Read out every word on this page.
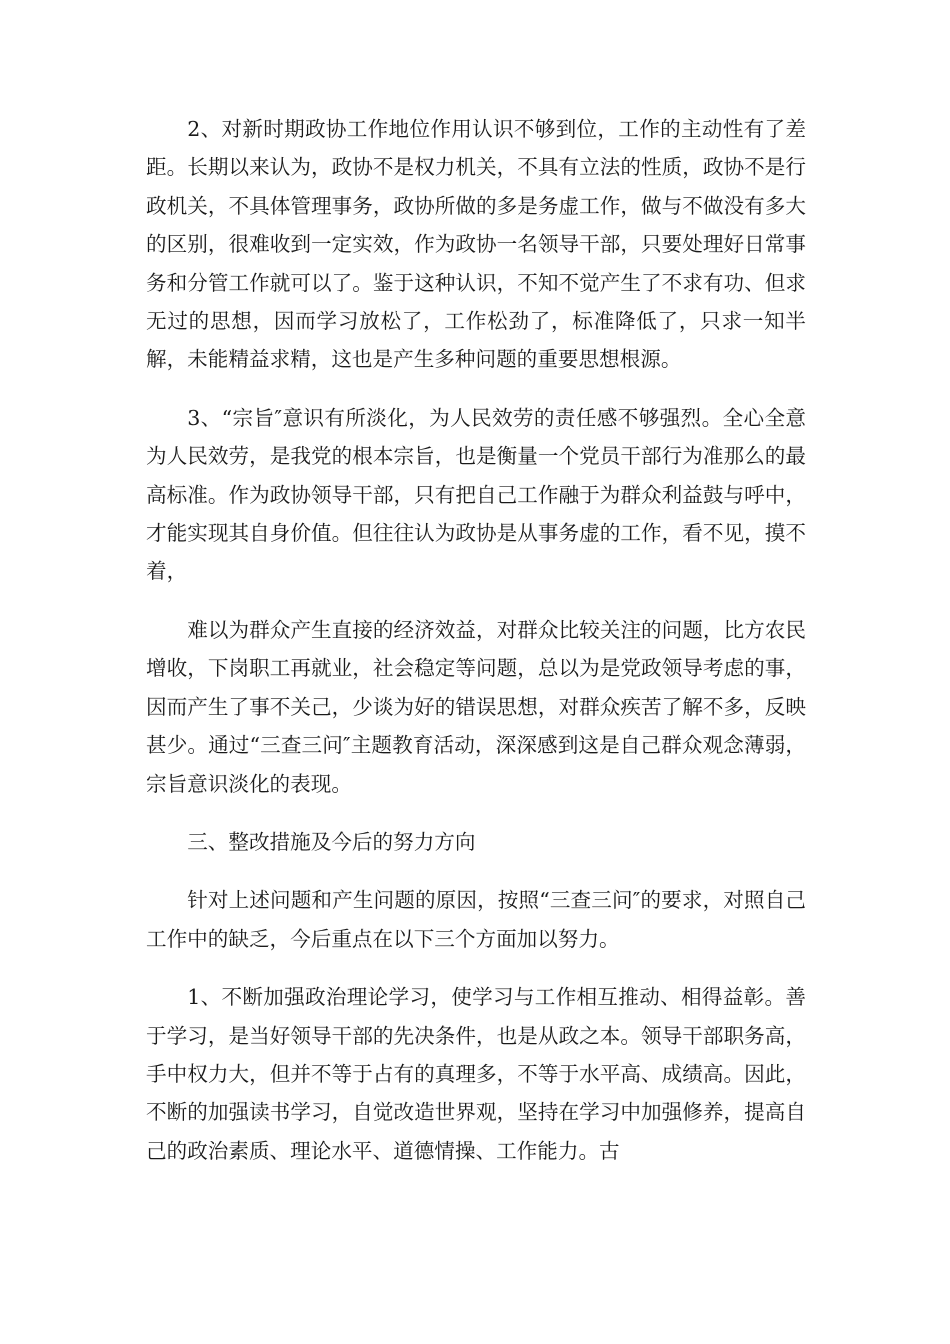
2、对新时期政协工作地位作用认识不够到位，工作的主动性有了差距。长期以来认为，政协不是权力机关，不具有立法的性质，政协不是行政机关，不具体管理事务，政协所做的多是务虚工作，做与不做没有多大的区别，很难收到一定实效，作为政协一名领导干部，只要处理好日常事务和分管工作就可以了。鉴于这种认识，不知不觉产生了不求有功、但求无过的思想，因而学习放松了，工作松劲了，标准降低了，只求一知半解，未能精益求精，这也是产生多种问题的重要思想根源。

3、“宗旨″意识有所淡化，为人民效劳的责任感不够强烈。全心全意为人民效劳，是我党的根本宗旨，也是衡量一个党员干部行为准那么的最高标准。作为政协领导干部，只有把自己工作融于为群众利益鼓与呼中，才能实现其自身价值。但往往认为政协是从事务虚的工作，看不见，摸不着，

难以为群众产生直接的经济效益，对群众比较关注的问题，比方农民增收，下岗职工再就业，社会稳定等问题，总以为是党政领导考虑的事，因而产生了事不关己，少谈为好的错误思想，对群众疾苦了解不多，反映甚少。通过“三查三问″主题教育活动，深深感到这是自己群众观念薄弱，宗旨意识淡化的表现。

三、整改措施及今后的努力方向

针对上述问题和产生问题的原因，按照“三查三问″的要求，对照自己工作中的缺乏，今后重点在以下三个方面加以努力。

1、不断加强政治理论学习，使学习与工作相互推动、相得益彰。善于学习，是当好领导干部的先决条件，也是从政之本。领导干部职务高，手中权力大，但并不等于占有的真理多，不等于水平高、成绩高。因此，不断的加强读书学习，自觉改造世界观，坚持在学习中加强修养，提高自己的政治素质、理论水平、道德情操、工作能力。古
